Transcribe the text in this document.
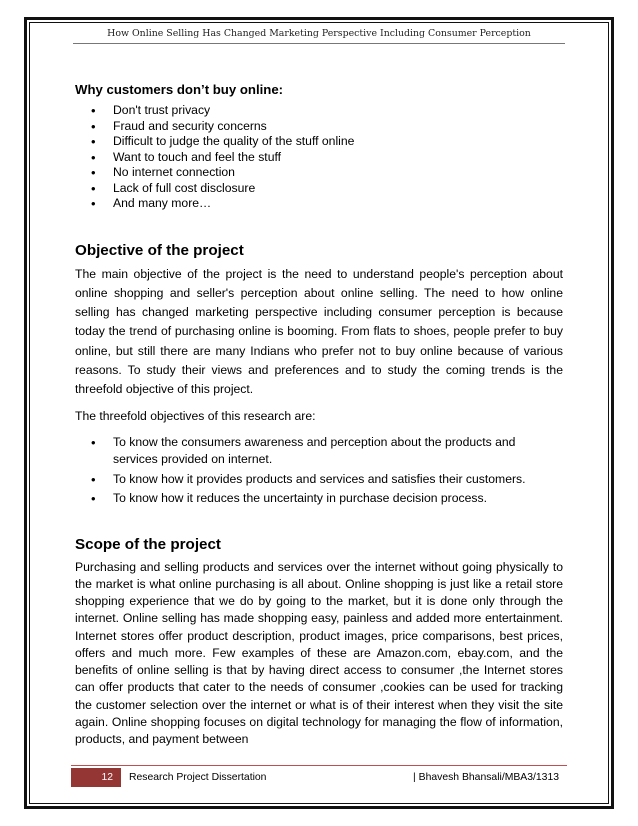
How Online Selling Has Changed Marketing Perspective Including Consumer Perception
Why customers don’t buy online:
• Don't trust privacy
• Fraud and security concerns
• Difficult to judge the quality of the stuff online
• Want to touch and feel the stuff
• No internet connection
• Lack of full cost disclosure
• And many more…
Objective of the project

The main objective of the project is the need to understand people's perception about online shopping and seller's perception about online selling. The need to how online selling has changed marketing perspective including consumer perception is because today the trend of purchasing online is booming. From flats to shoes, people prefer to buy online, but still there are many Indians who prefer not to buy online because of various reasons. To study their views and preferences and to study the coming trends is the threefold objective of this project.

The threefold objectives of this research are:

• To know the consumers awareness and perception about the products and services provided on internet.
• To know how it provides products and services and satisfies their customers.
• To know how it reduces the uncertainty in purchase decision process.
Scope of the project

Purchasing and selling products and services over the internet without going physically to the market is what online purchasing is all about. Online shopping is just like a retail store shopping experience that we do by going to the market, but it is done only through the internet. Online selling has made shopping easy, painless and added more entertainment. Internet stores offer product description, product images, price comparisons, best prices, offers and much more. Few examples of these are Amazon.com, ebay.com, and the benefits of online selling is that by having direct access to consumer ,the Internet stores can offer products that cater to the needs of consumer ,cookies can be used for tracking the customer selection over the internet or what is of their interest when they visit the site again. Online shopping focuses on digital technology for managing the flow of information, products, and payment between

12	Research Project Dissertation	| Bhavesh Bhansali/MBA3/1313
